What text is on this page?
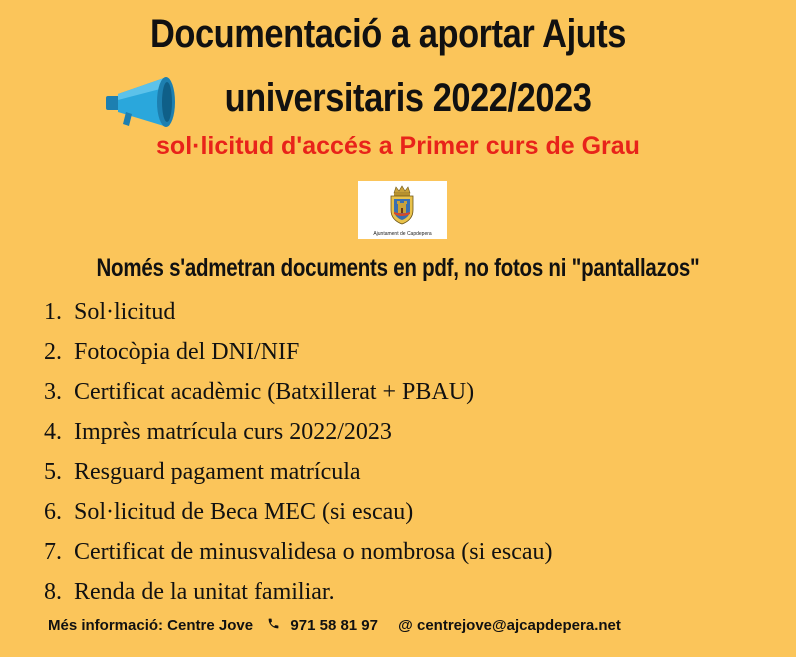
Documentació a aportar Ajuts
universitaris 2022/2023
sol·licitud d'accés a Primer curs de Grau
Ajuntament de Capdepera
Només s'admetran documents en pdf, no fotos ni "pantallazos"
1. Sol·licitud
2. Fotocòpia del DNI/NIF
3. Certificat acadèmic (Batxillerat + PBAU)
4. Imprès matrícula curs 2022/2023
5. Resguard pagament matrícula
6. Sol·licitud de Beca MEC (si escau)
7. Certificat de minusvalidesa o nombrosa (si escau)
8. Renda de la unitat familiar.
Més informació: Centre Jove 971 58 81 97 @ centrejove@ajcapdepera.net
